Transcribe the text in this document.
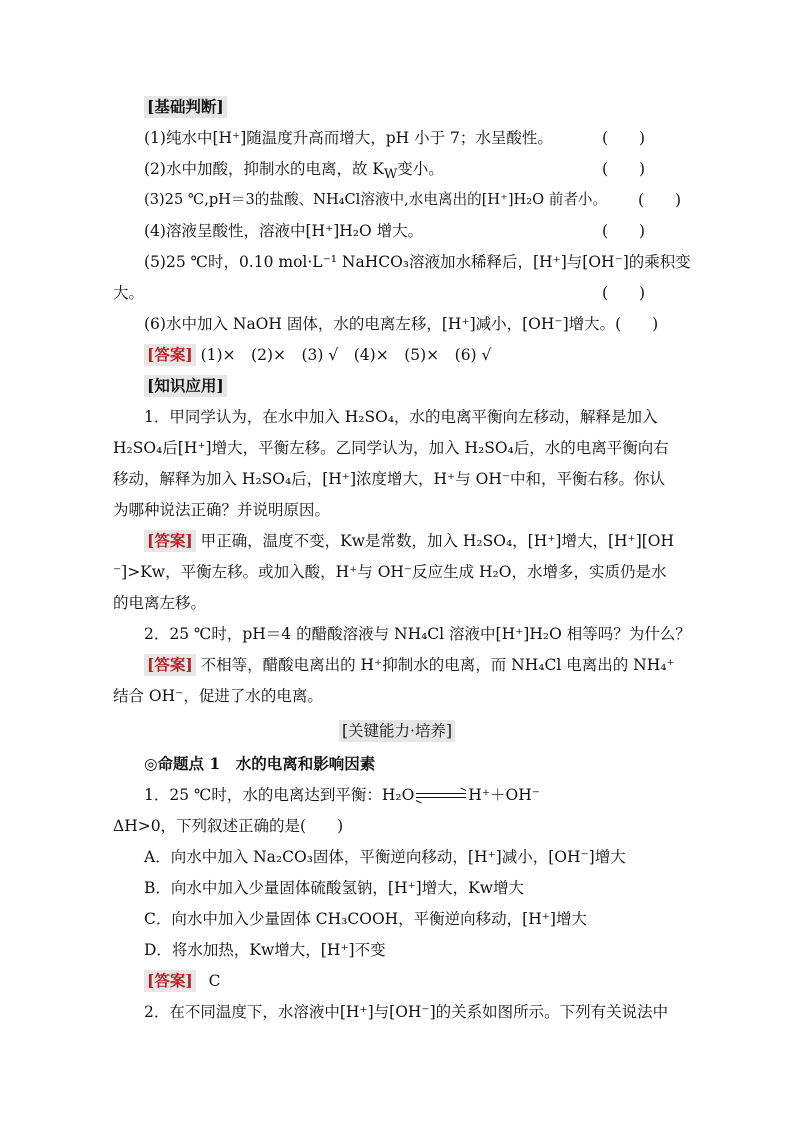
[基础判断]
(1)纯水中[H⁺]随温度升高而增大，pH 小于 7；水呈酸性。	(　　)
(2)水中加酸，抑制水的电离，故 $K_W$变小。	(　　)
(3)25 ℃,pH＝3的盐酸、NH₄Cl溶液中,水电离出的[H⁺]H₂O 前者小。 (　　)
(4)溶液呈酸性，溶液中[H⁺]H₂O 增大。	(　　)
(5)25 ℃时，0.10 mol·L⁻¹ NaHCO₃溶液加水稀释后，[H⁺]与[OH⁻]的乘积变
大。	(　　)
(6)水中加入 NaOH 固体，水的电离左移，[H⁺]减小，[OH⁻]增大。(　　)
[答案] (1)×　(2)×　(3) √　(4)×　(5)×　(6) √
[知识应用]
1．甲同学认为，在水中加入 H₂SO₄，水的电离平衡向左移动，解释是加入
H₂SO₄后[H⁺]增大，平衡左移。乙同学认为，加入 H₂SO₄后，水的电离平衡向右
移动，解释为加入 H₂SO₄后，[H⁺]浓度增大，H⁺与 OH⁻中和，平衡右移。你认
为哪种说法正确？并说明原因。
[答案] 甲正确，温度不变，Kw是常数，加入 H₂SO₄，[H⁺]增大，[H⁺][OH
⁻]>Kw，平衡左移。或加入酸，H⁺与 OH⁻反应生成 H₂O，水增多，实质仍是水
的电离左移。
2．25 ℃时，pH＝4 的醋酸溶液与 NH₄Cl 溶液中[H⁺]H₂O 相等吗？为什么？
[答案] 不相等，醋酸电离出的 H⁺抑制水的电离，而 NH₄Cl 电离出的 NH₄⁺
结合 OH⁻，促进了水的电离。
[关键能力·培养]
◎命题点 1　水的电离和影响因素
1．25 ℃时，水的电离达到平衡：H₂O ⇌ H⁺＋OH⁻
ΔH>0，下列叙述正确的是(　　)
A．向水中加入 Na₂CO₃固体，平衡逆向移动，[H⁺]减小，[OH⁻]增大
B．向水中加入少量固体硫酸氢钠，[H⁺]增大，Kw增大
C．向水中加入少量固体 CH₃COOH，平衡逆向移动，[H⁺]增大
D．将水加热，Kw增大，[H⁺]不变
[答案] C
2．在不同温度下，水溶液中[H⁺]与[OH⁻]的关系如图所示。下列有关说法中
